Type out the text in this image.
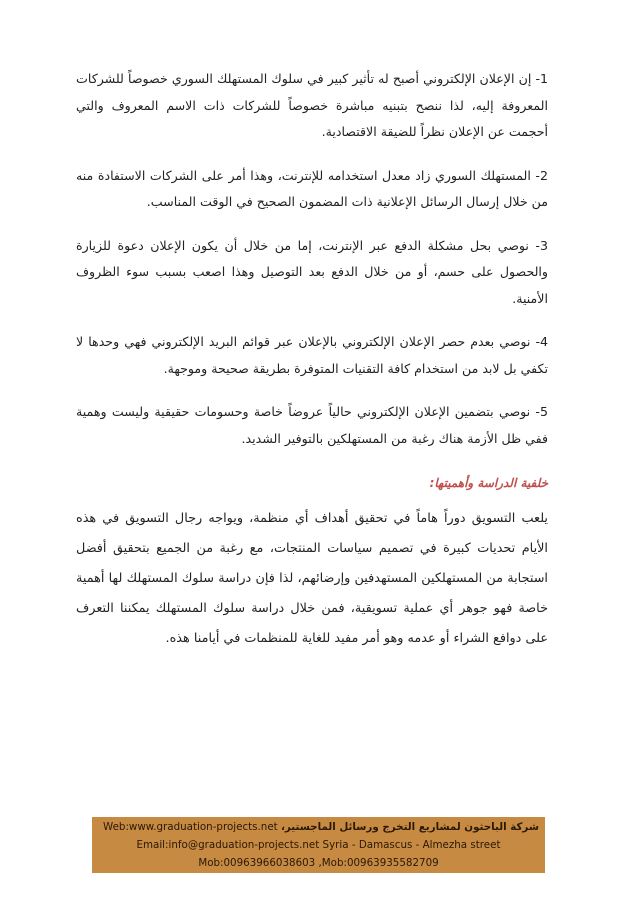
1- إن الإعلان الإلكتروني أصبح له تأثير كبير في سلوك المستهلك السوري خصوصاً للشركات المعروفة إليه، لذا ننصح بتبنيه مباشرة خصوصاً للشركات ذات الاسم المعروف والتي أحجمت عن الإعلان نظراً للضيقة الاقتصادية.

2- المستهلك السوري زاد معدل استخدامه للإنترنت، وهذا أمر على الشركات الاستفادة منه من خلال إرسال الرسائل الإعلانية ذات المضمون الصحيح في الوقت المناسب.

3- نوصي بحل مشكلة الدفع عبر الإنترنت، إما من خلال أن يكون الإعلان دعوة للزيارة والحصول على حسم، أو من خلال الدفع بعد التوصيل وهذا اصعب بسبب سوء الظروف الأمنية.

4- نوصي بعدم حصر الإعلان الإلكتروني بالإعلان عبر قوائم البريد الإلكتروني فهي وحدها لا تكفي بل لابد من استخدام كافة التقنيات المتوفرة بطريقة صحيحة وموجهة.

5- نوصي بتضمين الإعلان الإلكتروني حالياً عروضاً خاصة وحسومات حقيقية وليست وهمية ففي ظل الأزمة هناك رغبة من المستهلكين بالتوفير الشديد.

خلفية الدراسة وأهميتها:

يلعب التسويق دوراً هاماً في تحقيق أهداف أي منظمة، ويواجه رجال التسويق في هذه الأيام تحديات كبيرة في تصميم سياسات المنتجات، مع رغبة من الجميع بتحقيق أفضل استجابة من المستهلكين المستهدفين وإرضائهم، لذا فإن دراسة سلوك المستهلك لها أهمية خاصة فهو جوهر أي عملية تسويقية، فمن خلال دراسة سلوك المستهلك يمكننا التعرف على دوافع الشراء أو عدمه وهو أمر مفيد للغاية للمنظمات في أيامنا هذه.

شركة الباحثون لمشاريع التخرج ورسائل الماجستير، Web:www.graduation-projects.net
Email:info@graduation-projects.net Syria - Damascus - Almezha street
Mob:00963966038603 ,Mob:00963935582709
